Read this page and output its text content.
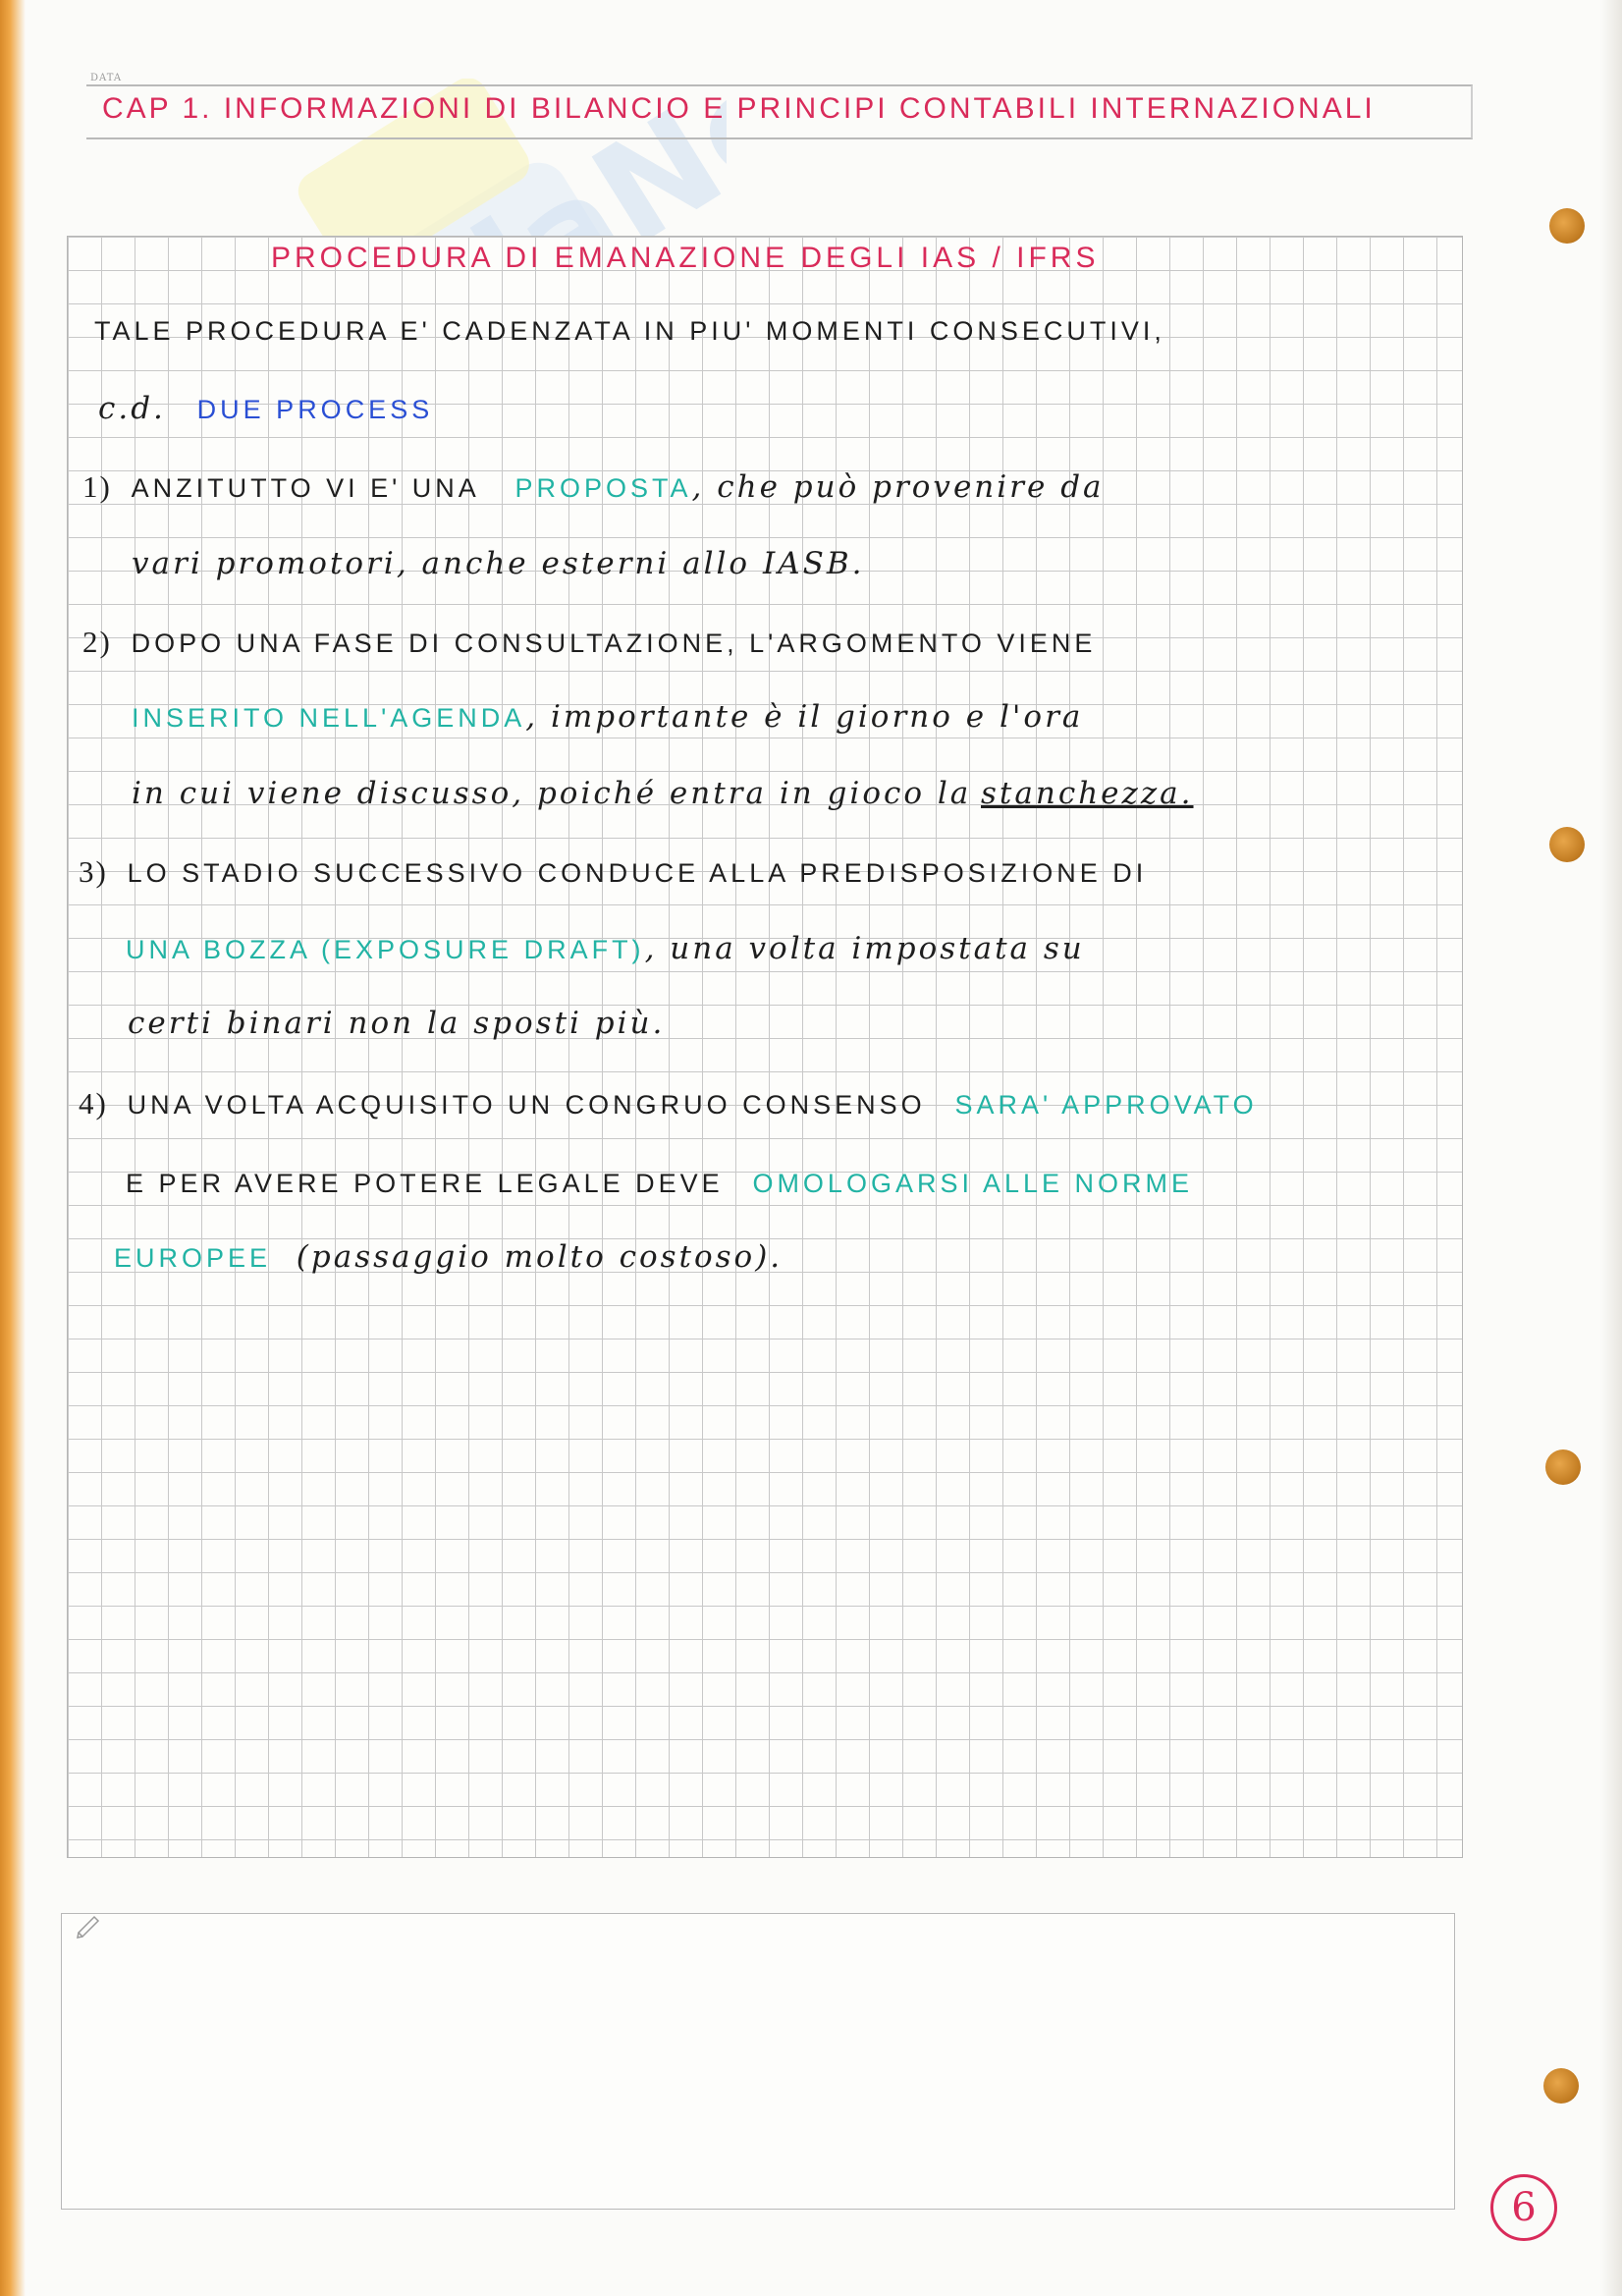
DATA
CAP 1. INFORMAZIONI DI BILANCIO E PRINCIPI CONTABILI INTERNAZIONALI
PROCEDURA DI EMANAZIONE DEGLI IAS / IFRS
TALE PROCEDURA E' CADENZATA IN PIU' MOMENTI CONSECUTIVI,
c.d. DUE PROCESS
1) ANZITUTTO VI E' UNA PROPOSTA, che può provenire da
vari promotori, anche esterni allo IASB.
2) DOPO UNA FASE DI CONSULTAZIONE, L'ARGOMENTO VIENE
INSERITO NELL'AGENDA, importante è il giorno e l'ora
in cui viene discusso, poiché entra in gioco la stanchezza.
3) LO STADIO SUCCESSIVO CONDUCE ALLA PREDISPOSIZIONE DI
UNA BOZZA (EXPOSURE DRAFT), una volta impostata su
certi binari non la sposti più.
4) UNA VOLTA ACQUISITO UN CONGRUO CONSENSO SARA' APPROVATO
E PER AVERE POTERE LEGALE DEVE OMOLOGARSI ALLE NORME
EUROPEE (passaggio molto costoso).
6
